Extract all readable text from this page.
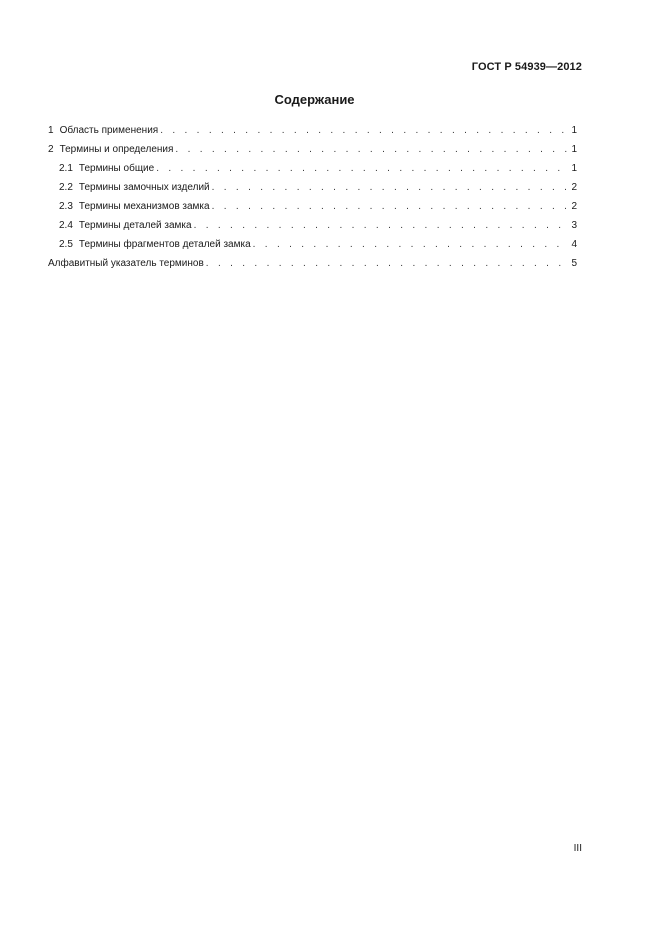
ГОСТ Р 54939—2012
Содержание
1 Область применения . . .	1
2 Термины и определения . . .	1
2.1 Термины общие . . .	1
2.2 Термины замочных изделий . . .	2
2.3 Термины механизмов замка . . .	2
2.4 Термины деталей замка . . .	3
2.5 Термины фрагментов деталей замка . . .	4
Алфавитный указатель терминов . . .	5
III
